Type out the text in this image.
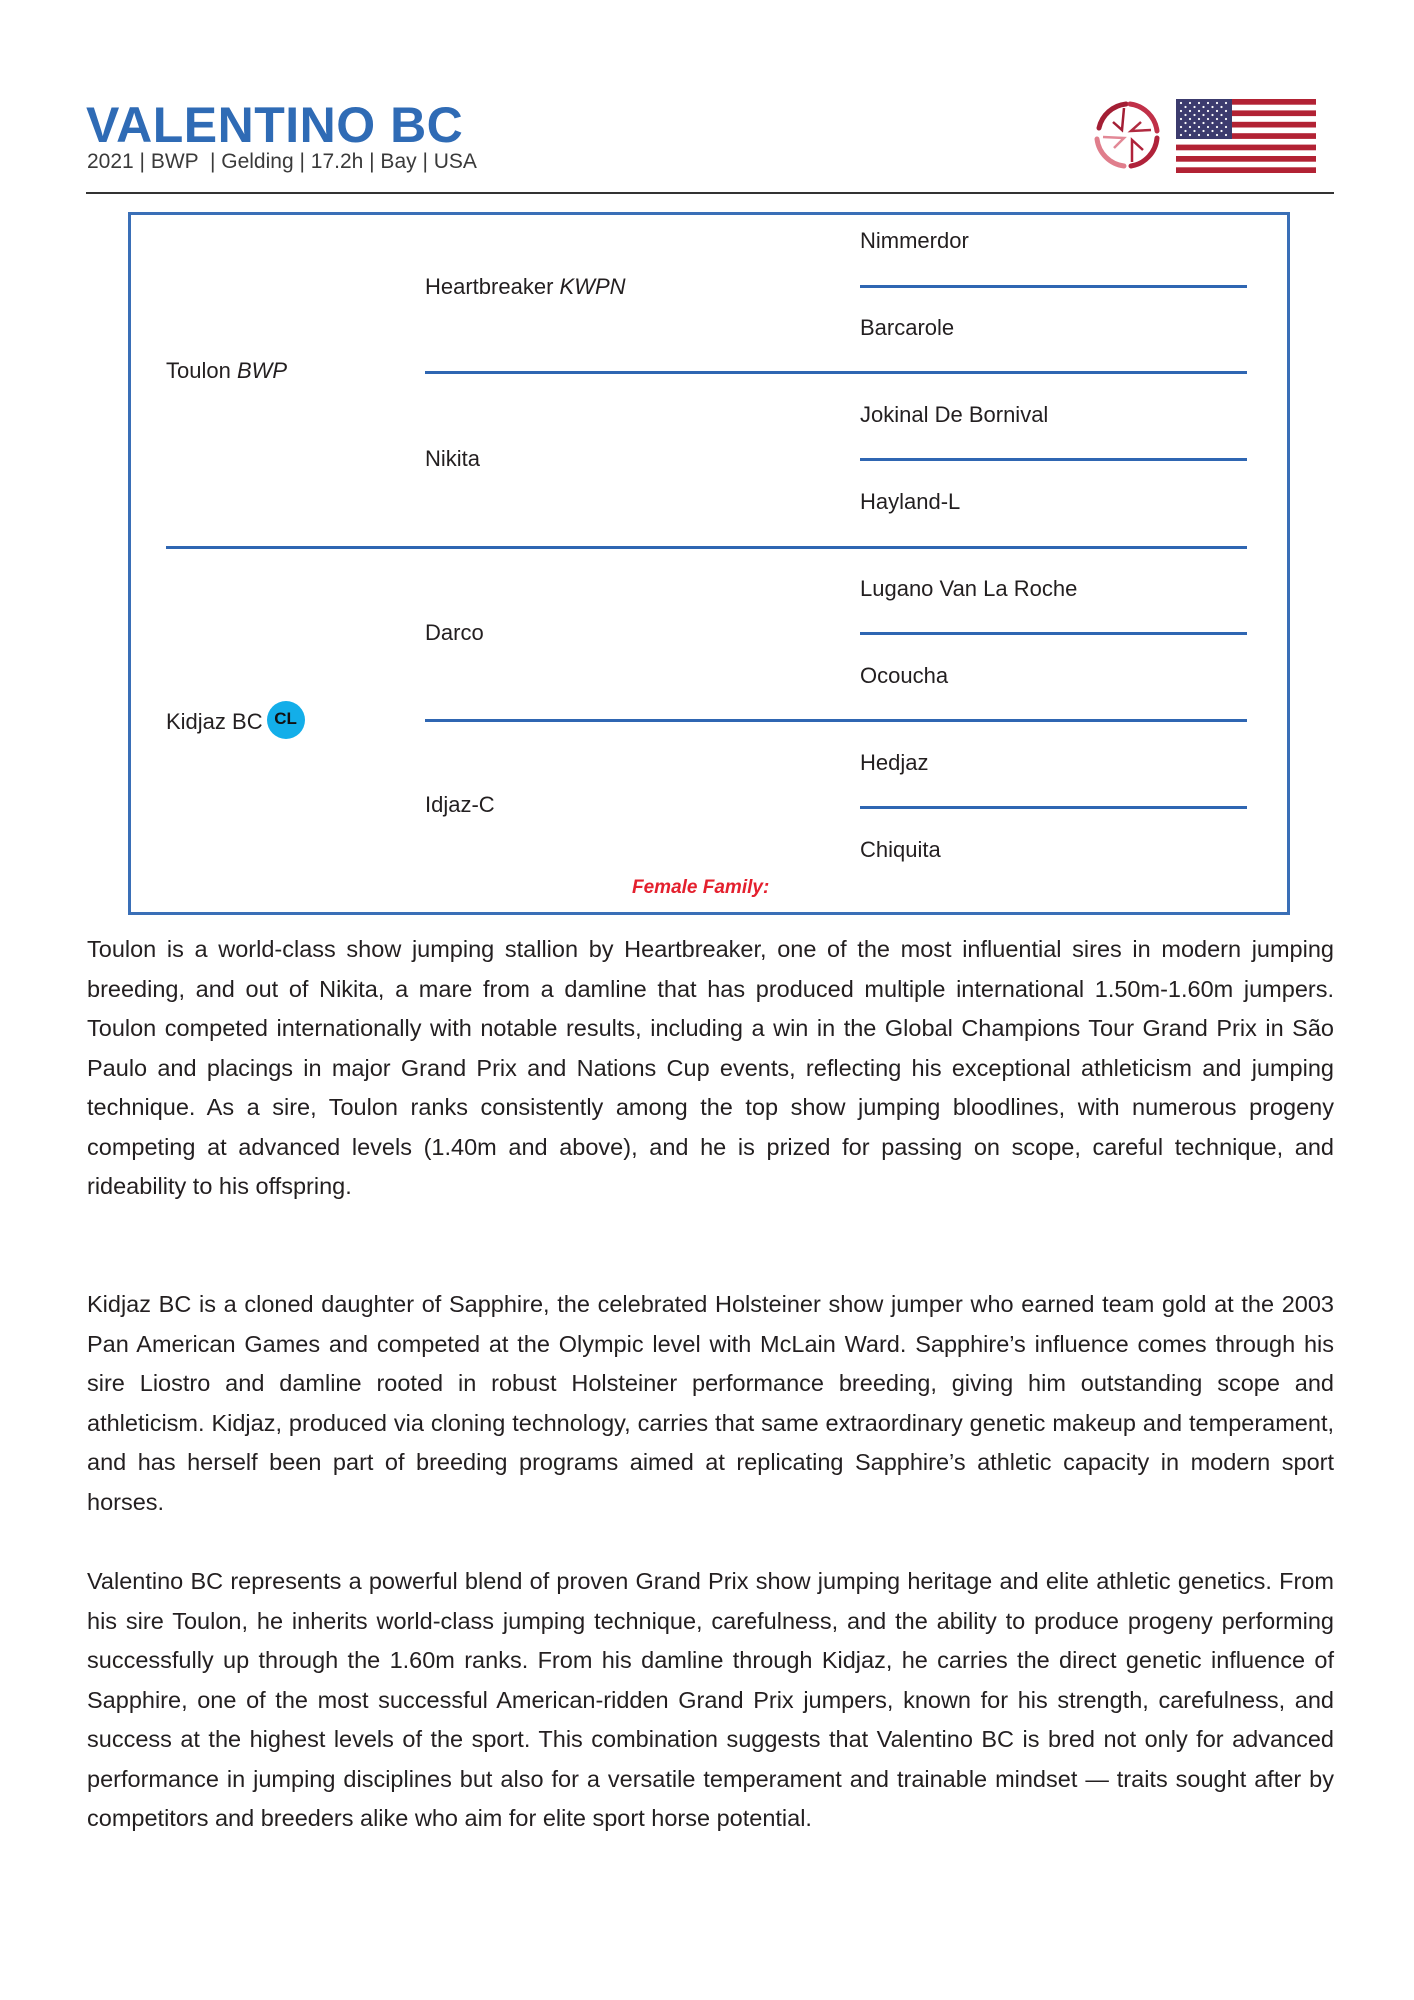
VALENTINO BC
2021 | BWP  | Gelding | 17.2h | Bay | USA
Toulon BWP
Kidjaz BC CL
Heartbreaker KWPN
Nikita
Darco
Idjaz-C
Nimmerdor
Barcarole
Jokinal De Bornival
Hayland-L
Lugano Van La Roche
Ocoucha
Hedjaz
Chiquita
Female Family:

Toulon is a world-class show jumping stallion by Heartbreaker, one of the most influential sires in modern jumping breeding, and out of Nikita, a mare from a damline that has produced multiple international 1.50m-1.60m jumpers. Toulon competed internationally with notable results, including a win in the Global Champions Tour Grand Prix in São Paulo and placings in major Grand Prix and Nations Cup events, reflecting his exceptional athleticism and jumping technique. As a sire, Toulon ranks consistently among the top show jumping bloodlines, with numerous progeny competing at advanced levels (1.40m and above), and he is prized for passing on scope, careful technique, and rideability to his offspring.

Kidjaz BC is a cloned daughter of Sapphire, the celebrated Holsteiner show jumper who earned team gold at the 2003 Pan American Games and competed at the Olympic level with McLain Ward. Sapphire’s influence comes through his sire Liostro and damline rooted in robust Holsteiner performance breeding, giving him outstanding scope and athleticism. Kidjaz, produced via cloning technology, carries that same extraordinary genetic makeup and temperament, and has herself been part of breeding programs aimed at replicating Sapphire’s athletic capacity in modern sport horses.

Valentino BC represents a powerful blend of proven Grand Prix show jumping heritage and elite athletic genetics. From his sire Toulon, he inherits world-class jumping technique, carefulness, and the ability to produce progeny performing successfully up through the 1.60m ranks. From his damline through Kidjaz, he carries the direct genetic influence of Sapphire, one of the most successful American-ridden Grand Prix jumpers, known for his strength, carefulness, and success at the highest levels of the sport. This combination suggests that Valentino BC is bred not only for advanced performance in jumping disciplines but also for a versatile temperament and trainable mindset — traits sought after by competitors and breeders alike who aim for elite sport horse potential.
